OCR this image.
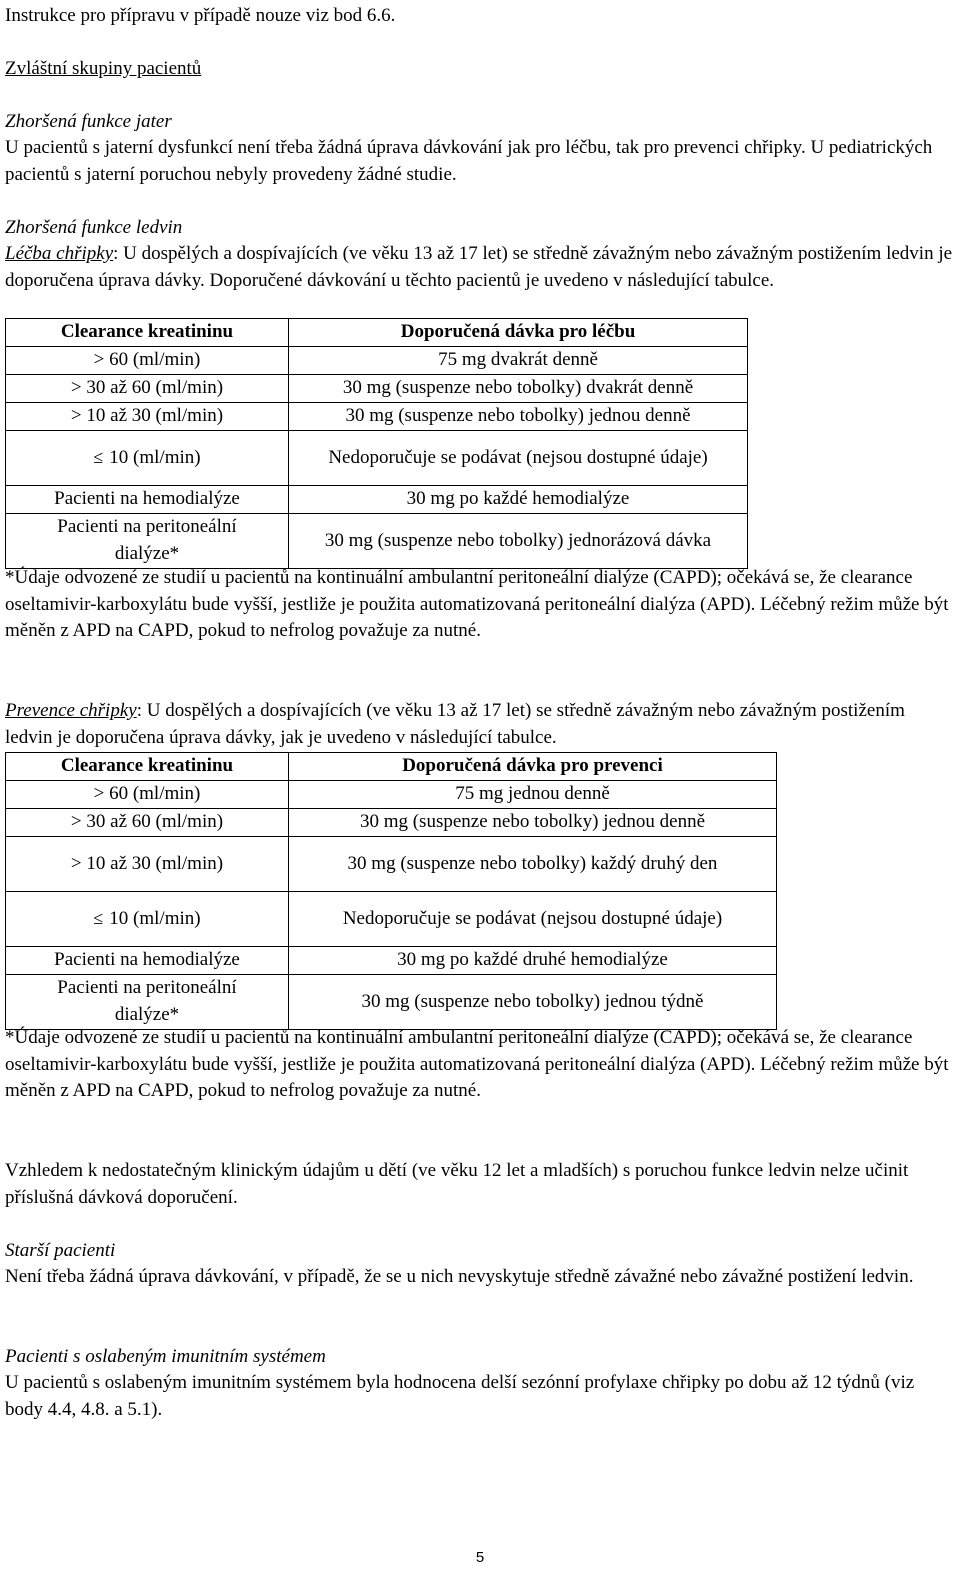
Instrukce pro přípravu v případě nouze viz bod 6.6.

Zvláštní skupiny pacientů

Zhoršená funkce jater

U pacientů s jaterní dysfunkcí není třeba žádná úprava dávkování jak pro léčbu, tak pro prevenci chřipky. U pediatrických pacientů s jaterní poruchou nebyly provedeny žádné studie.

Zhoršená funkce ledvin

Léčba chřipky: U dospělých a dospívajících (ve věku 13 až 17 let) se středně závažným nebo závažným postižením ledvin je doporučena úprava dávky. Doporučené dávkování u těchto pacientů je uvedeno v následující tabulce.

Clearance kreatininu	Doporučená dávka pro léčbu
> 60 (ml/min)	75 mg dvakrát denně
> 30 až 60 (ml/min)	30 mg (suspenze nebo tobolky) dvakrát denně
> 10 až 30 (ml/min)	30 mg (suspenze nebo tobolky) jednou denně
≤ 10 (ml/min)	Nedoporučuje se podávat (nejsou dostupné údaje)
Pacienti na hemodialýze	30 mg po každé hemodialýze
Pacienti na peritoneální dialýze*	30 mg (suspenze nebo tobolky) jednorázová dávka

*Údaje odvozené ze studií u pacientů na kontinuální ambulantní peritoneální dialýze (CAPD); očekává se, že clearance oseltamivir-karboxylátu bude vyšší, jestliže je použita automatizovaná peritoneální dialýza (APD). Léčebný režim může být měněn z APD na CAPD, pokud to nefrolog považuje za nutné.

Prevence chřipky: U dospělých a dospívajících (ve věku 13 až 17 let) se středně závažným nebo závažným postižením ledvin je doporučena úprava dávky, jak je uvedeno v následující tabulce.

Clearance kreatininu	Doporučená dávka pro prevenci
> 60 (ml/min)	75 mg jednou denně
> 30 až 60 (ml/min)	30 mg (suspenze nebo tobolky) jednou denně
> 10 až 30 (ml/min)	30 mg (suspenze nebo tobolky) každý druhý den
≤ 10 (ml/min)	Nedoporučuje se podávat (nejsou dostupné údaje)
Pacienti na hemodialýze	30 mg po každé druhé hemodialýze
Pacienti na peritoneální dialýze*	30 mg (suspenze nebo tobolky) jednou týdně

*Údaje odvozené ze studií u pacientů na kontinuální ambulantní peritoneální dialýze (CAPD); očekává se, že clearance oseltamivir-karboxylátu bude vyšší, jestliže je použita automatizovaná peritoneální dialýza (APD). Léčebný režim může být měněn z APD na CAPD, pokud to nefrolog považuje za nutné.

Vzhledem k nedostatečným klinickým údajům u dětí (ve věku 12 let a mladších) s poruchou funkce ledvin nelze učinit příslušná dávková doporučení.

Starší pacienti

Není třeba žádná úprava dávkování, v případě, že se u nich nevyskytuje středně závažné nebo závažné postižení ledvin.

Pacienti s oslabeným imunitním systémem

U pacientů s oslabeným imunitním systémem byla hodnocena delší sezónní profylaxe chřipky po dobu až 12 týdnů (viz body 4.4, 4.8. a 5.1).

5
